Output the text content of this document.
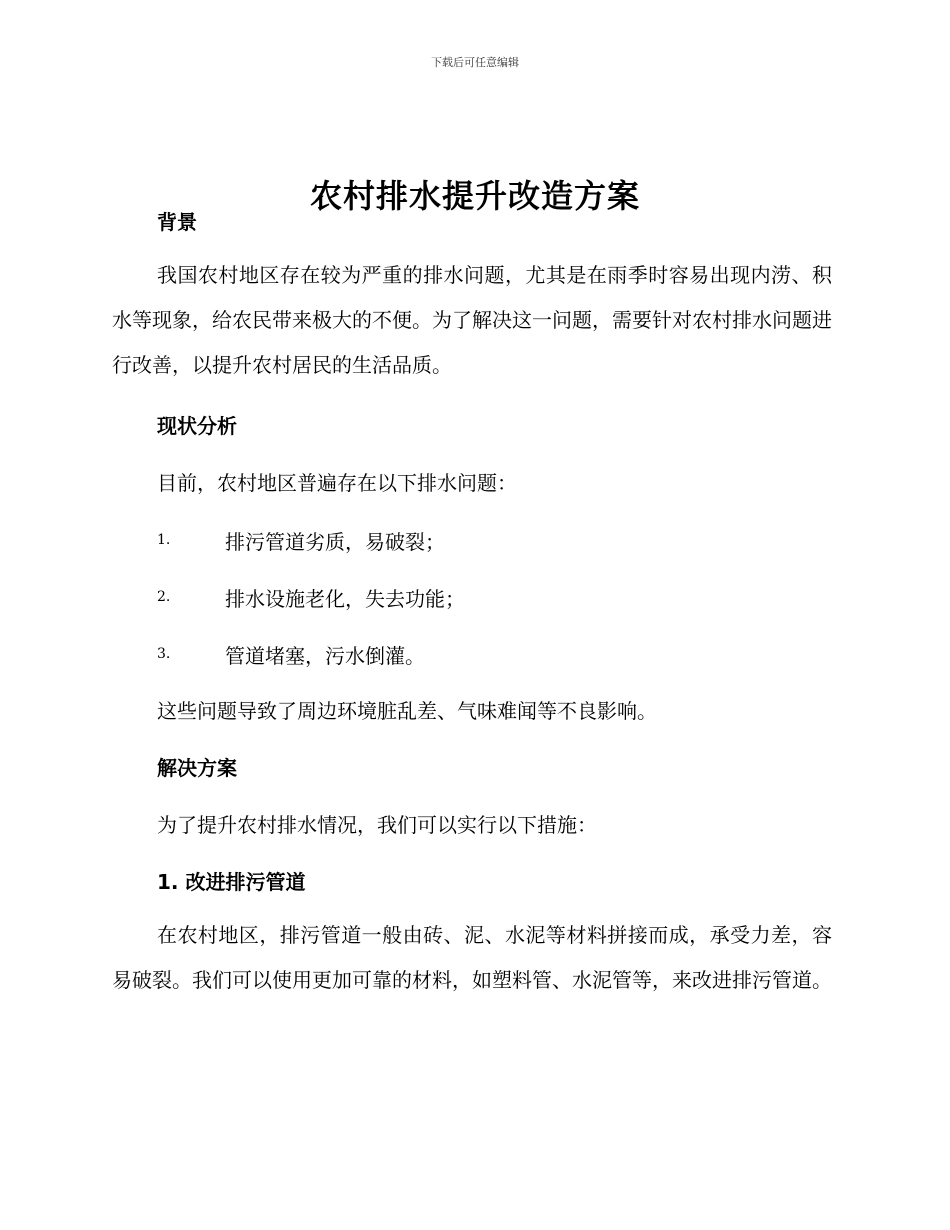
下载后可任意编辑
农村排水提升改造方案
背景

我国农村地区存在较为严重的排水问题，尤其是在雨季时容易出现内涝、积水等现象，给农民带来极大的不便。为了解决这一问题，需要针对农村排水问题进行改善，以提升农村居民的生活品质。

现状分析
目前，农村地区普遍存在以下排水问题：
1.	排污管道劣质，易破裂；
2.	排水设施老化，失去功能；
3.	管道堵塞，污水倒灌。
这些问题导致了周边环境脏乱差、气味难闻等不良影响。
解决方案
为了提升农村排水情况，我们可以实行以下措施：
1. 改进排污管道

在农村地区，排污管道一般由砖、泥、水泥等材料拼接而成，承受力差，容易破裂。我们可以使用更加可靠的材料，如塑料管、水泥管等，来改进排污管道。
